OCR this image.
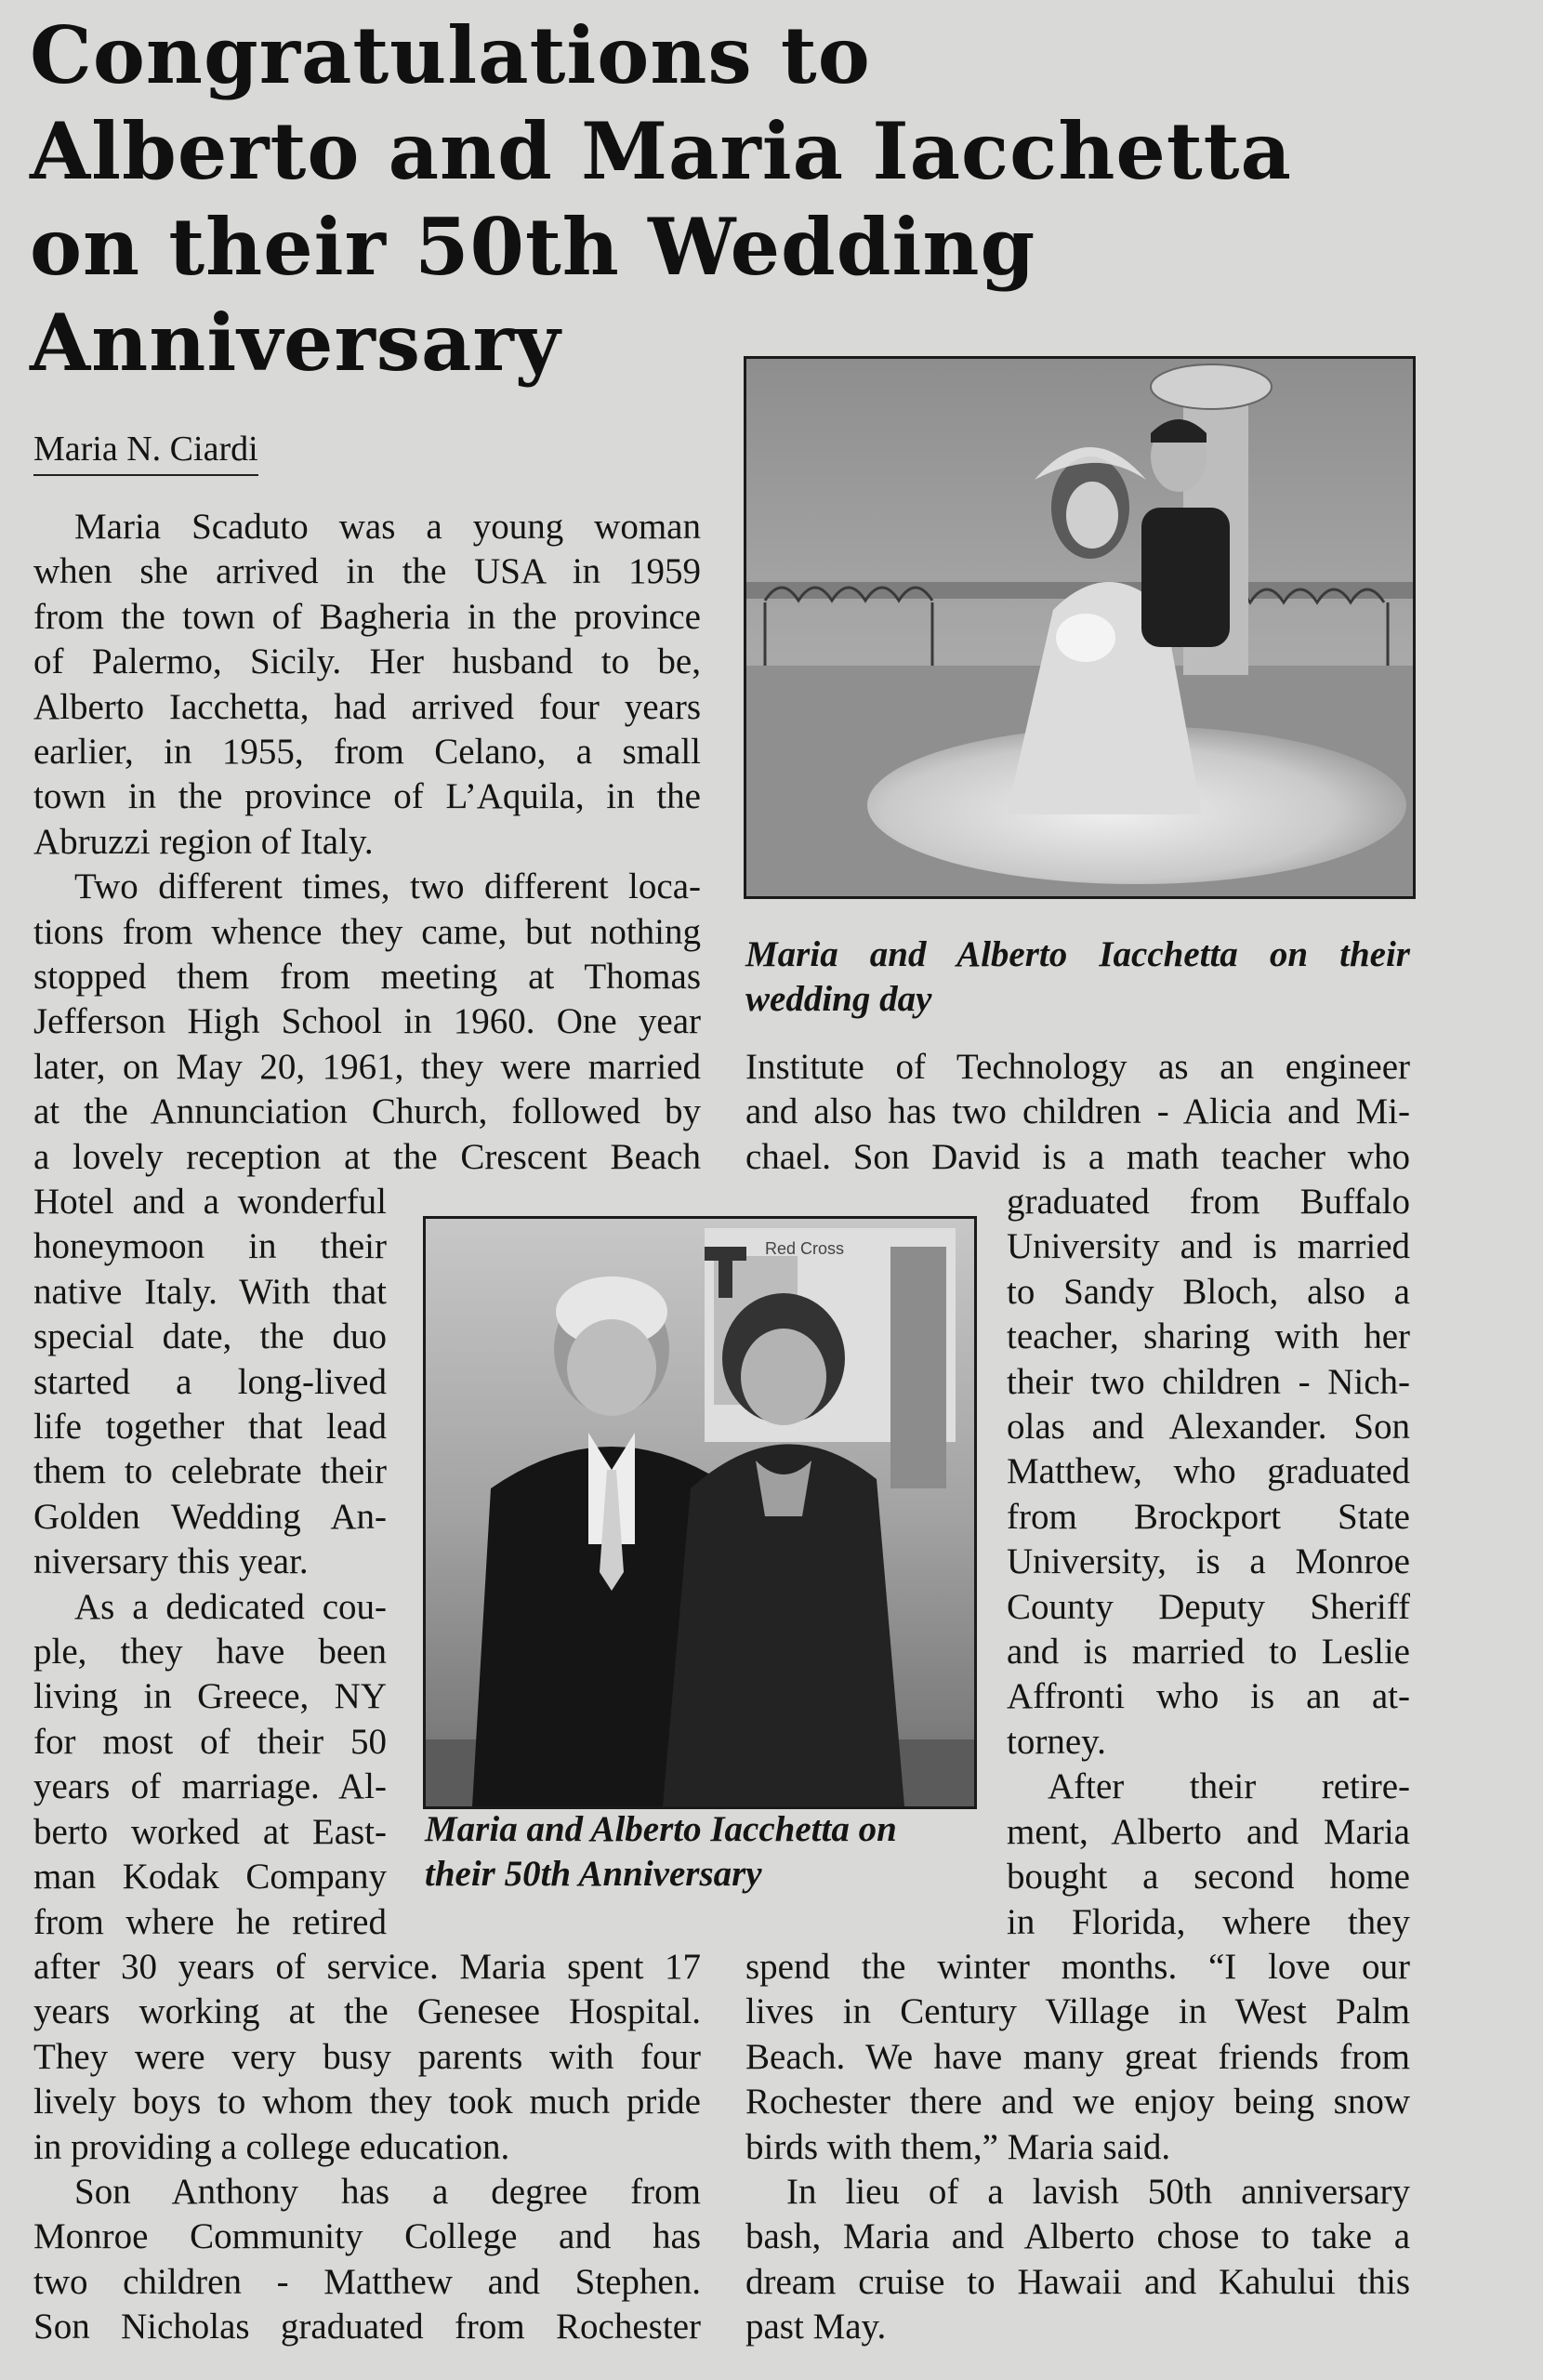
Congratulations to
Alberto and Maria Iacchetta
on their 50th Wedding
Anniversary
Maria N. Ciardi
Maria and Alberto Iacchetta on their
wedding day
Red Cross
Maria and Alberto Iacchetta on
their 50th Anniversary
Maria Scaduto was a young woman
when she arrived in the USA in 1959
from the town of Bagheria in the province
of Palermo, Sicily. Her husband to be,
Alberto Iacchetta, had arrived four years
earlier, in 1955, from Celano, a small
town in the province of L’Aquila, in the
Abruzzi region of Italy.
Two different times, two different loca-
tions from whence they came, but nothing
stopped them from meeting at Thomas
Jefferson High School in 1960. One year
later, on May 20, 1961, they were married
at the Annunciation Church, followed by
a lovely reception at the Crescent Beach
Hotel and a wonderful
honeymoon in their
native Italy. With that
special date, the duo
started a long-lived
life together that lead
them to celebrate their
Golden Wedding An-
niversary this year.
As a dedicated cou-
ple, they have been
living in Greece, NY
for most of their 50
years of marriage. Al-
berto worked at East-
man Kodak Company
from where he retired
after 30 years of service. Maria spent 17
years working at the Genesee Hospital.
They were very busy parents with four
lively boys to whom they took much pride
in providing a college education.
Son Anthony has a degree from
Monroe Community College and has
two children - Matthew and Stephen.
Son Nicholas graduated from Rochester
Institute of Technology as an engineer
and also has two children - Alicia and Mi-
chael. Son David is a math teacher who
graduated from Buffalo
University and is married
to Sandy Bloch, also a
teacher, sharing with her
their two children - Nich-
olas and Alexander. Son
Matthew, who graduated
from Brockport State
University, is a Monroe
County Deputy Sheriff
and is married to Leslie
Affronti who is an at-
torney.
After their retire-
ment, Alberto and Maria
bought a second home
in Florida, where they
spend the winter months. “I love our
lives in Century Village in West Palm
Beach. We have many great friends from
Rochester there and we enjoy being snow
birds with them,” Maria said.
In lieu of a lavish 50th anniversary
bash, Maria and Alberto chose to take a
dream cruise to Hawaii and Kahului this
past May.
